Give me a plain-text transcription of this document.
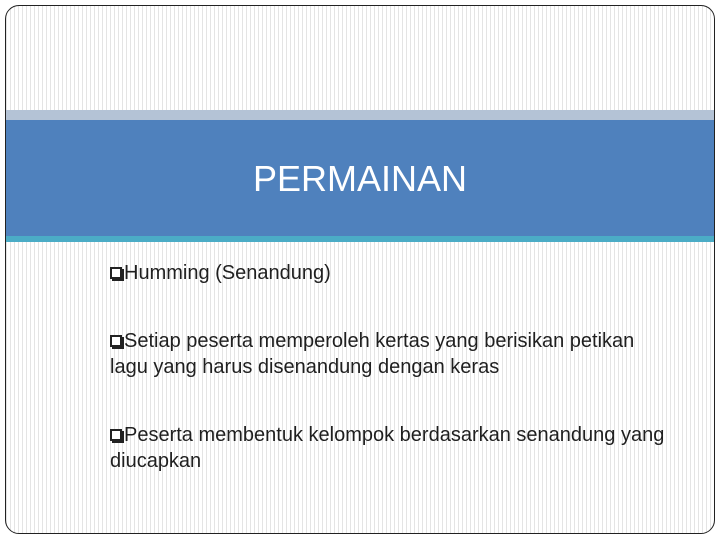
PERMAINAN
Humming (Senandung)
Setiap peserta memperoleh kertas yang berisikan petikan lagu yang harus disenandung dengan keras
Peserta membentuk kelompok berdasarkan senandung yang diucapkan
